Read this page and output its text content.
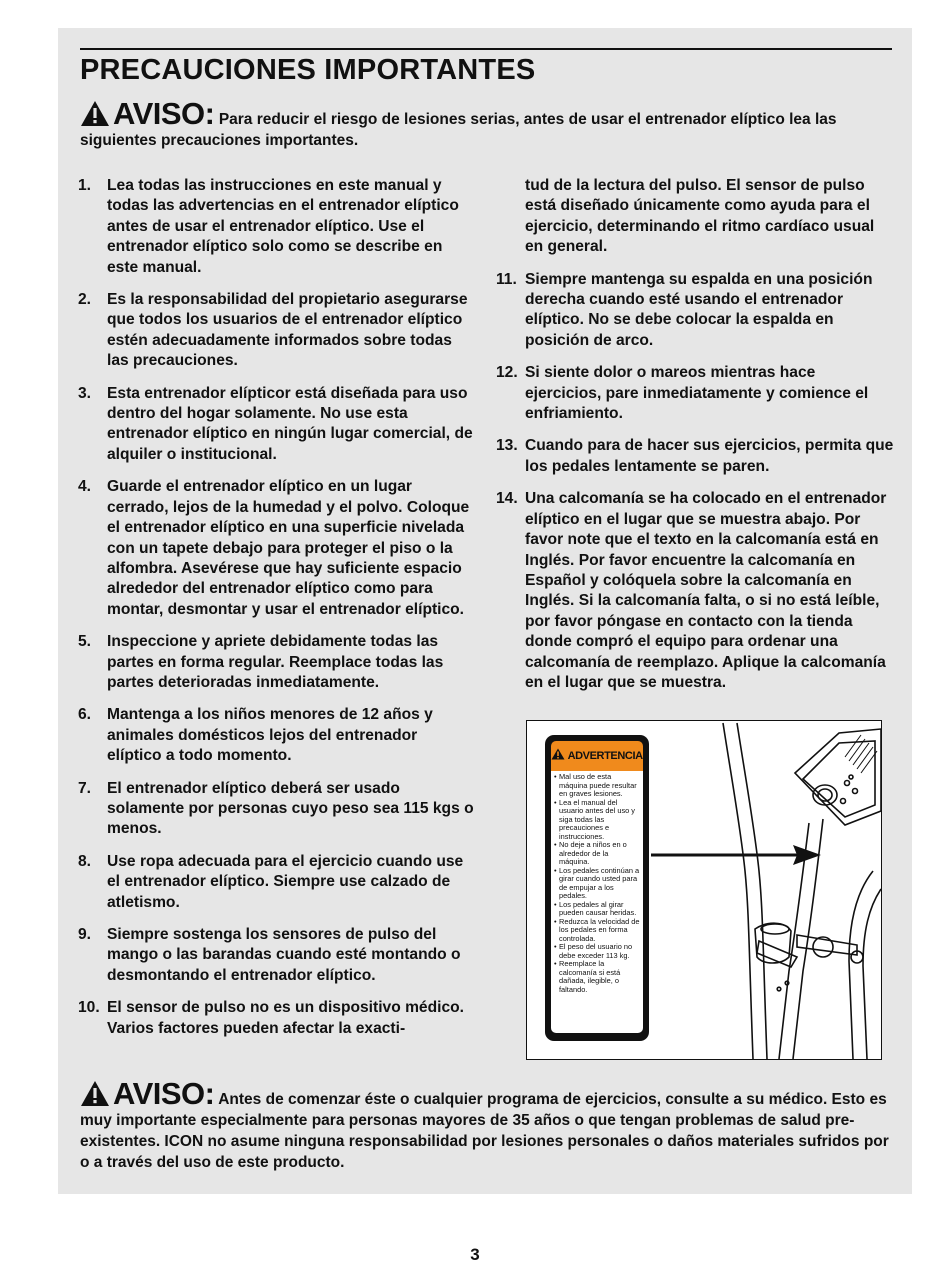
PRECAUCIONES IMPORTANTES
AVISO: Para reducir el riesgo de lesiones serias, antes de usar el entrenador elíptico lea las siguientes precauciones importantes.
1. Lea todas las instrucciones en este manual y todas las advertencias en el entrenador elíptico antes de usar el entrenador elíptico. Use el entrenador elíptico solo como se describe en este manual.
2. Es la responsabilidad del propietario asegurarse que todos los usuarios de el entrenador elíptico estén adecuadamente informados sobre todas las precauciones.
3. Esta entrenador elípticor está diseñada para uso dentro del hogar solamente. No use esta entrenador elíptico en ningún lugar comercial, de alquiler o institucional.
4. Guarde el entrenador elíptico en un lugar cerrado, lejos de la humedad y el polvo. Coloque el entrenador elíptico en una superficie nivelada con un tapete debajo para proteger el piso o la alfombra. Asevérese que hay suficiente espacio alrededor del entrenador elíptico como para montar, desmontar y usar el entrenador elíptico.
5. Inspeccione y apriete debidamente todas las partes en forma regular. Reemplace todas las partes deterioradas inmediatamente.
6. Mantenga a los niños menores de 12 años y animales domésticos lejos del entrenador elíptico a todo momento.
7. El entrenador elíptico deberá ser usado solamente por personas cuyo peso sea 115 kgs o menos.
8. Use ropa adecuada para el ejercicio cuando use el entrenador elíptico. Siempre use calzado de atletismo.
9. Siempre sostenga los sensores de pulso del mango o las barandas cuando esté montando o desmontando el entrenador elíptico.
10. El sensor de pulso no es un dispositivo médico. Varios factores pueden afectar la exacti-
tud de la lectura del pulso. El sensor de pulso está diseñado únicamente como ayuda para el ejercicio, determinando el ritmo cardíaco usual en general.
11. Siempre mantenga su espalda en una posición derecha cuando esté usando el entrenador elíptico. No se debe colocar la espalda en posición de arco.
12. Si siente dolor o mareos mientras hace ejercicios, pare inmediatamente y comience el enfriamiento.
13. Cuando para de hacer sus ejercicios, permita que los pedales lentamente se paren.
14. Una calcomanía se ha colocado en el entrenador elíptico en el lugar que se muestra abajo. Por favor note que el texto en la calcomanía está en Inglés. Por favor encuentre la calcomanía en Español y colóquela sobre la calcomanía en Inglés. Si la calcomanía falta, o si no está leíble, por favor póngase en contacto con la tienda donde compró el equipo para ordenar una calcomanía de reemplazo. Aplique la calcomanía en el lugar que se muestra.
ADVERTENCIA
• Mal uso de esta máquina puede resultar en graves lesiones.
• Lea el manual del usuario antes del uso y siga todas las precauciones e instrucciones.
• No deje a niños en o alrededor de la máquina.
• Los pedales continúan a girar cuando usted para de empujar a los pedales.
• Los pedales al girar pueden causar heridas.
• Reduzca la velocidad de los pedales en forma controlada.
• El peso del usuario no debe exceder 113 kg.
• Reemplace la calcomanía si está dañada, ilegible, o faltando.
AVISO: Antes de comenzar éste o cualquier programa de ejercicios, consulte a su médico. Esto es muy importante especialmente para personas mayores de 35 años o que tengan problemas de salud pre-existentes. ICON no asume ninguna responsabilidad por lesiones personales o daños materiales sufridos por o a través del uso de este producto.
3
